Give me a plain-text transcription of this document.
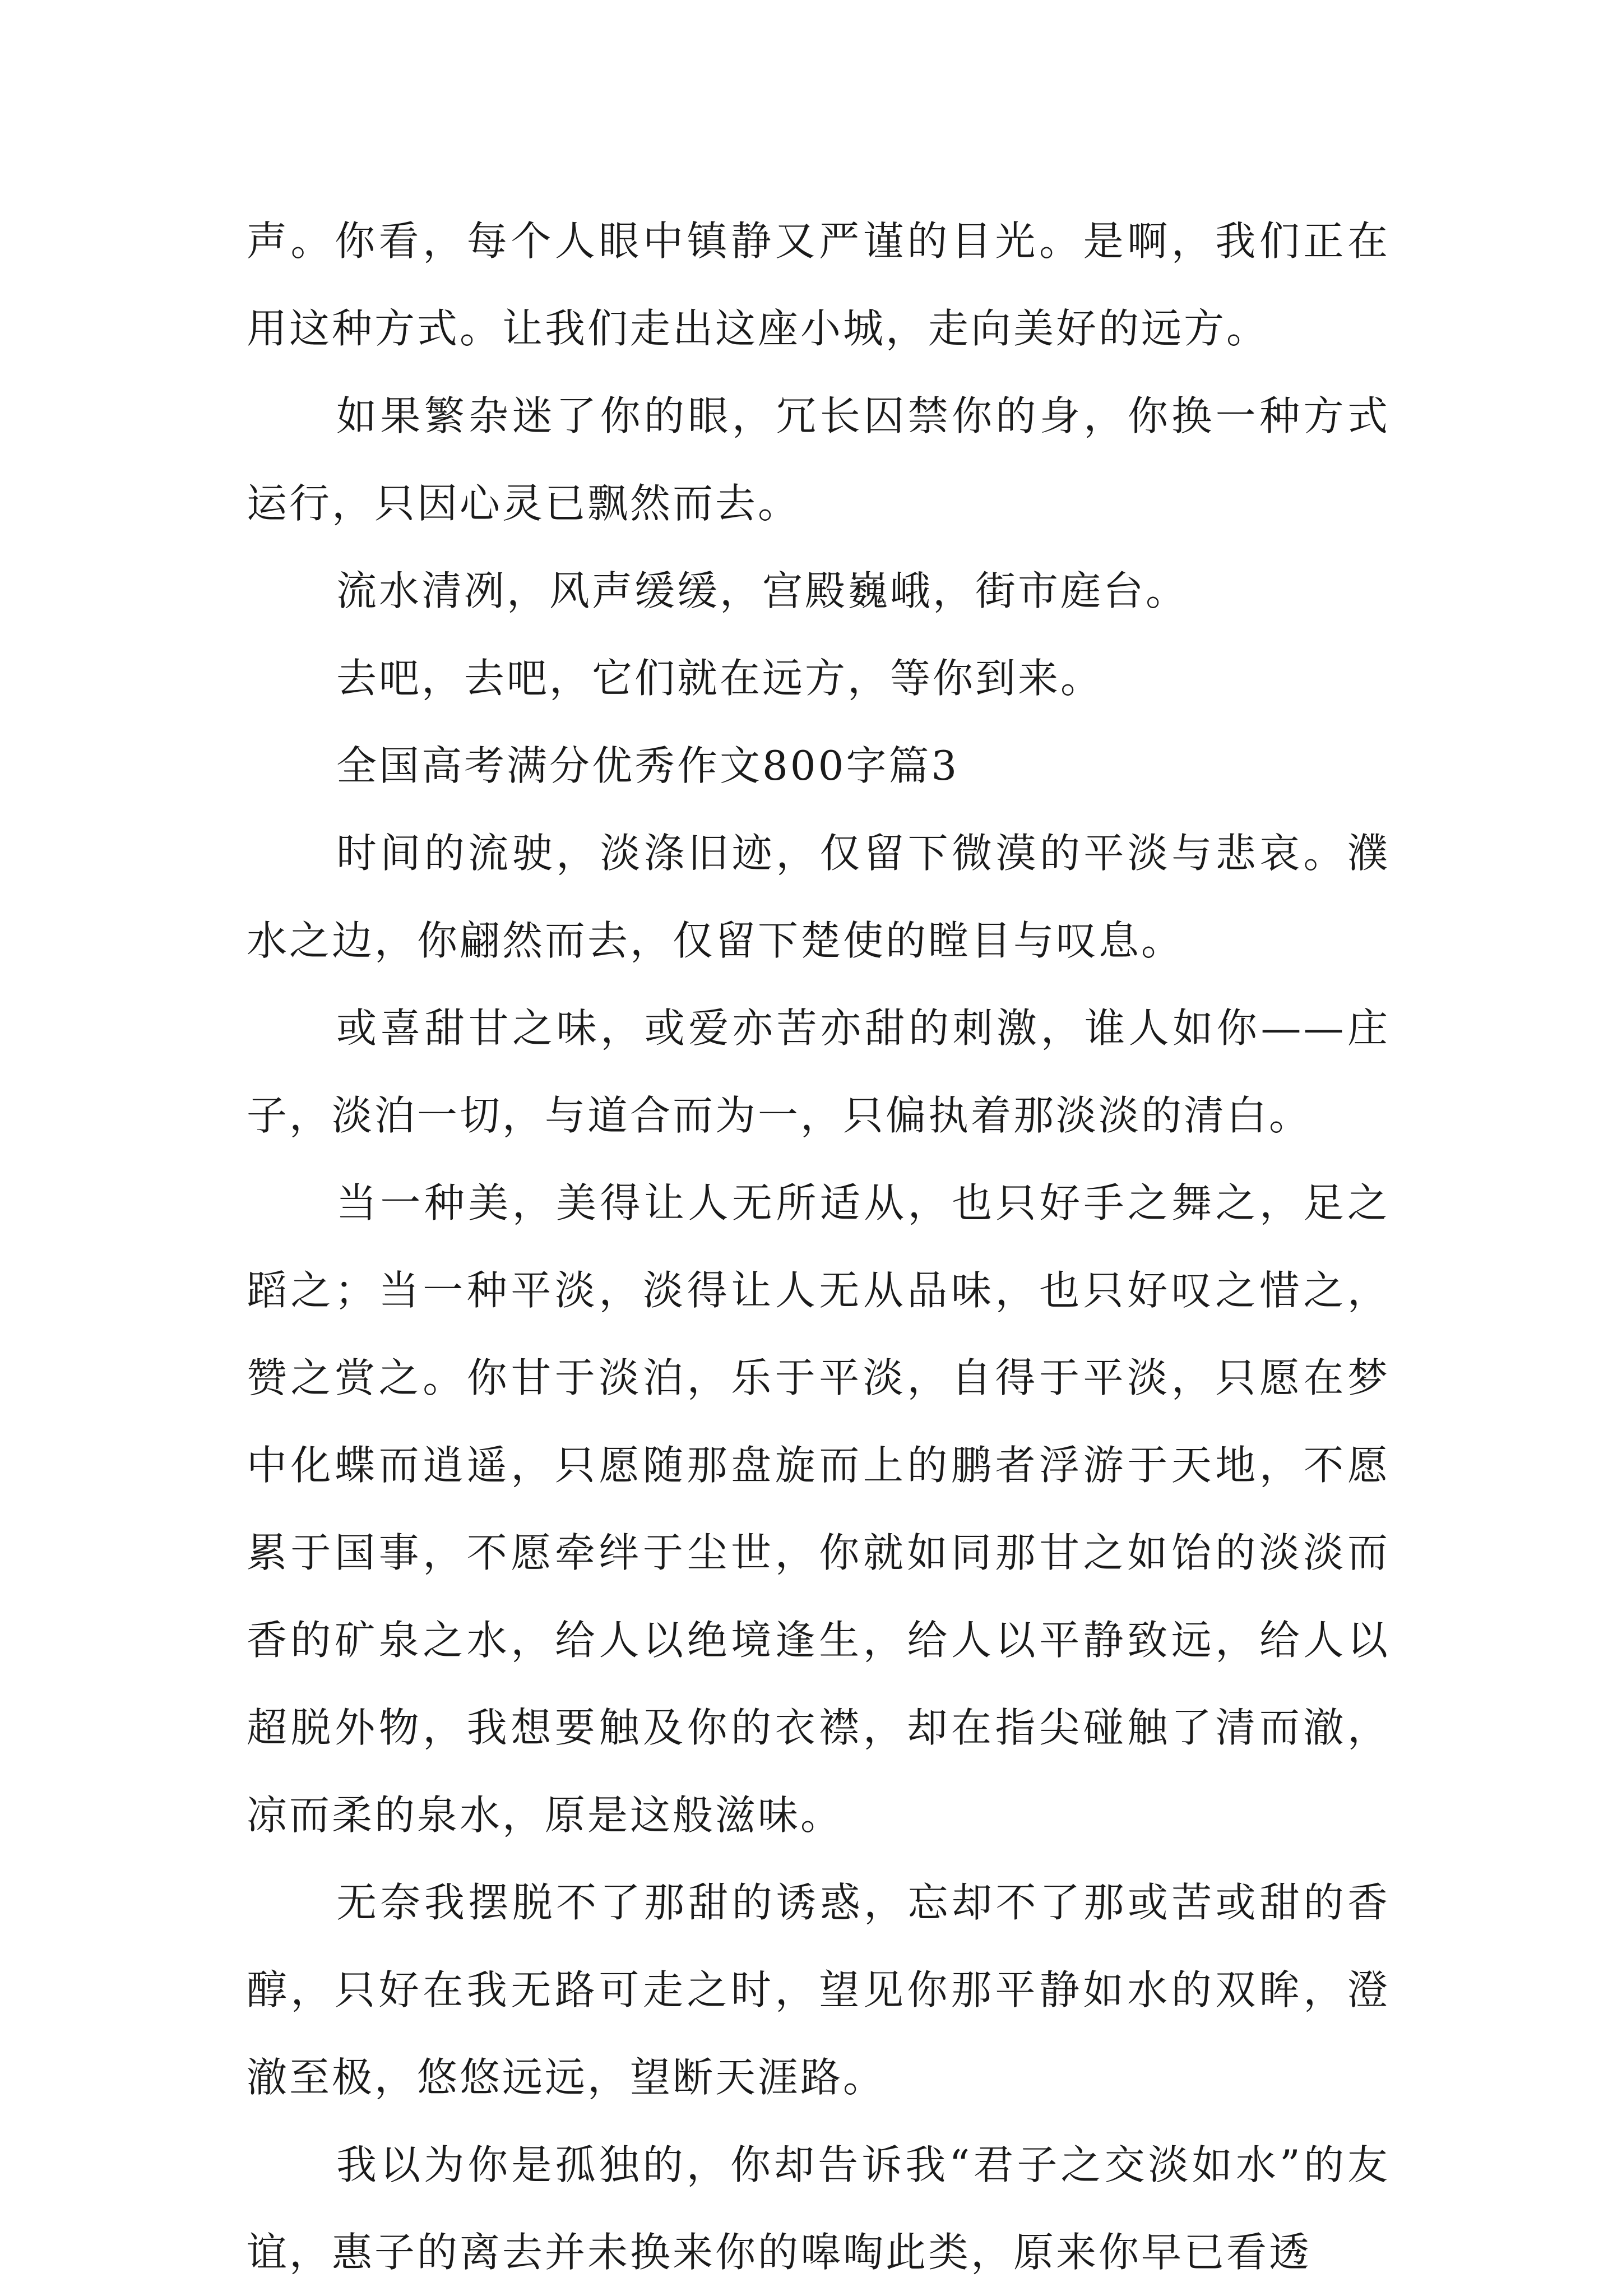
声。你看，每个人眼中镇静又严谨的目光。是啊，我们正在用这种方式。让我们走出这座小城，走向美好的远方。

如果繁杂迷了你的眼，冗长囚禁你的身，你换一种方式运行，只因心灵已飘然而去。

流水清冽，风声缓缓，宫殿巍峨，街市庭台。

去吧，去吧，它们就在远方，等你到来。

全国高考满分优秀作文800字篇3

时间的流驶，淡涤旧迹，仅留下微漠的平淡与悲哀。濮水之边，你翩然而去，仅留下楚使的瞠目与叹息。

或喜甜甘之味，或爱亦苦亦甜的刺激，谁人如你——庄子，淡泊一切，与道合而为一，只偏执着那淡淡的清白。

当一种美，美得让人无所适从，也只好手之舞之，足之蹈之；当一种平淡，淡得让人无从品味，也只好叹之惜之，赞之赏之。你甘于淡泊，乐于平淡，自得于平淡，只愿在梦中化蝶而逍遥，只愿随那盘旋而上的鹏者浮游于天地，不愿累于国事，不愿牵绊于尘世，你就如同那甘之如饴的淡淡而香的矿泉之水，给人以绝境逢生，给人以平静致远，给人以超脱外物，我想要触及你的衣襟，却在指尖碰触了清而澈，凉而柔的泉水，原是这般滋味。

无奈我摆脱不了那甜的诱惑，忘却不了那或苦或甜的香醇，只好在我无路可走之时，望见你那平静如水的双眸，澄澈至极，悠悠远远，望断天涯路。

我以为你是孤独的，你却告诉我“君子之交淡如水”的友谊，惠子的离去并未换来你的嗥啕此类，原来你早已看透
